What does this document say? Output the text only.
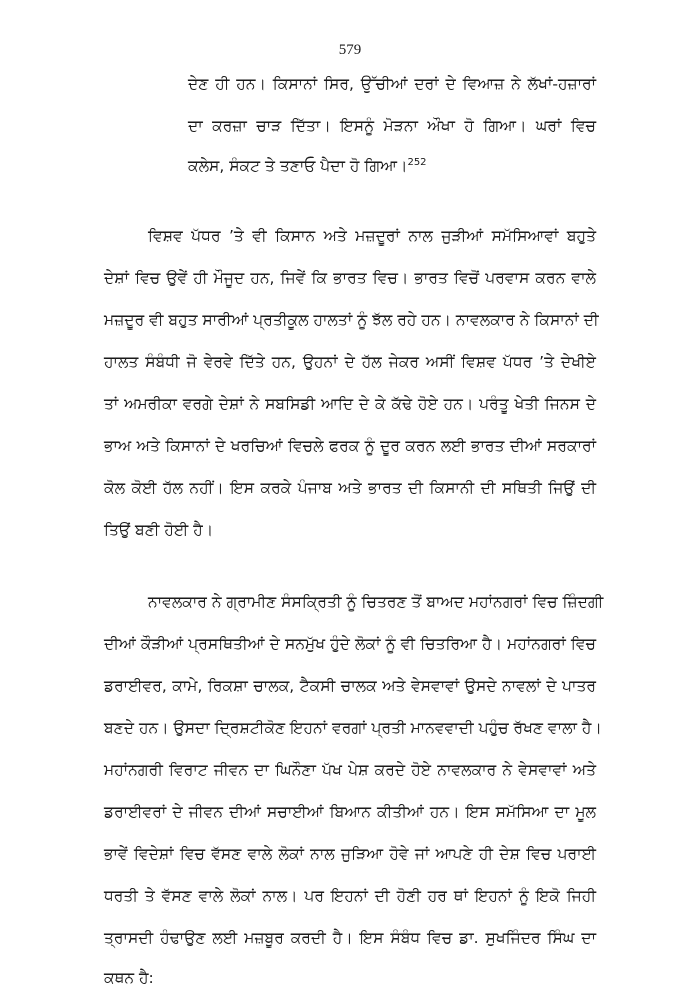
579
ਦੇਣ ਹੀ ਹਨ। ਕਿਸਾਨਾਂ ਸਿਰ, ਉੱਚੀਆਂ ਦਰਾਂ ਦੇ ਵਿਆਜ਼ ਨੇ ਲੱਖਾਂ-ਹਜ਼ਾਰਾਂ
ਦਾ ਕਰਜ਼ਾ ਚਾੜ ਦਿੱਤਾ। ਇਸਨੂੰ ਮੋੜਨਾ ਔਖਾ ਹੋ ਗਿਆ। ਘਰਾਂ ਵਿਚ
ਕਲੇਸ, ਸੰਕਟ ਤੇ ਤਣਾਓ ਪੈਦਾ ਹੋ ਗਿਆ।$^{252}$
ਵਿਸ਼ਵ ਪੱਧਰ ’ਤੇ ਵੀ ਕਿਸਾਨ ਅਤੇ ਮਜ਼ਦੂਰਾਂ ਨਾਲ ਜੁੜੀਆਂ ਸਮੱਸਿਆਵਾਂ ਬਹੁਤੇ
ਦੇਸ਼ਾਂ ਵਿਚ ਉਵੇਂ ਹੀ ਮੌਜੂਦ ਹਨ, ਜਿਵੇਂ ਕਿ ਭਾਰਤ ਵਿਚ। ਭਾਰਤ ਵਿਚੋਂ ਪਰਵਾਸ ਕਰਨ ਵਾਲੇ
ਮਜ਼ਦੂਰ ਵੀ ਬਹੁਤ ਸਾਰੀਆਂ ਪ੍ਰਤੀਕੂਲ ਹਾਲਤਾਂ ਨੂੰ ਝੱਲ ਰਹੇ ਹਨ। ਨਾਵਲਕਾਰ ਨੇ ਕਿਸਾਨਾਂ ਦੀ
ਹਾਲਤ ਸੰਬੰਧੀ ਜੋ ਵੇਰਵੇ ਦਿੱਤੇ ਹਨ, ਉਹਨਾਂ ਦੇ ਹੱਲ ਜੇਕਰ ਅਸੀਂ ਵਿਸ਼ਵ ਪੱਧਰ ’ਤੇ ਦੇਖੀਏ
ਤਾਂ ਅਮਰੀਕਾ ਵਰਗੇ ਦੇਸ਼ਾਂ ਨੇ ਸਬਸਿਡੀ ਆਦਿ ਦੇ ਕੇ ਕੱਢੇ ਹੋਏ ਹਨ। ਪਰੰਤੂ ਖੇਤੀ ਜਿਨਸ ਦੇ
ਭਾਅ ਅਤੇ ਕਿਸਾਨਾਂ ਦੇ ਖਰਚਿਆਂ ਵਿਚਲੇ ਫਰਕ ਨੂੰ ਦੂਰ ਕਰਨ ਲਈ ਭਾਰਤ ਦੀਆਂ ਸਰਕਾਰਾਂ
ਕੋਲ ਕੋਈ ਹੱਲ ਨਹੀਂ। ਇਸ ਕਰਕੇ ਪੰਜਾਬ ਅਤੇ ਭਾਰਤ ਦੀ ਕਿਸਾਨੀ ਦੀ ਸਥਿਤੀ ਜਿਉਂ ਦੀ
ਤਿਉਂ ਬਣੀ ਹੋਈ ਹੈ।
ਨਾਵਲਕਾਰ ਨੇ ਗ੍ਰਾਮੀਣ ਸੰਸਕ੍ਰਿਤੀ ਨੂੰ ਚਿਤਰਣ ਤੋਂ ਬਾਅਦ ਮਹਾਂਨਗਰਾਂ ਵਿਚ ਜ਼ਿੰਦਗੀ
ਦੀਆਂ ਕੌੜੀਆਂ ਪ੍ਰਸਥਿਤੀਆਂ ਦੇ ਸਨਮੁੱਖ ਹੁੰਦੇ ਲੋਕਾਂ ਨੂੰ ਵੀ ਚਿਤਰਿਆ ਹੈ। ਮਹਾਂਨਗਰਾਂ ਵਿਚ
ਡਰਾਈਵਰ, ਕਾਮੇ, ਰਿਕਸ਼ਾ ਚਾਲਕ, ਟੈਕਸੀ ਚਾਲਕ ਅਤੇ ਵੇਸਵਾਵਾਂ ਉਸਦੇ ਨਾਵਲਾਂ ਦੇ ਪਾਤਰ
ਬਣਦੇ ਹਨ। ਉਸਦਾ ਦ੍ਰਿਸ਼ਟੀਕੋਣ ਇਹਨਾਂ ਵਰਗਾਂ ਪ੍ਰਤੀ ਮਾਨਵਵਾਦੀ ਪਹੁੰਚ ਰੱਖਣ ਵਾਲਾ ਹੈ।
ਮਹਾਂਨਗਰੀ ਵਿਰਾਟ ਜੀਵਨ ਦਾ ਘਿਨੌਣਾ ਪੱਖ ਪੇਸ਼ ਕਰਦੇ ਹੋਏ ਨਾਵਲਕਾਰ ਨੇ ਵੇਸਵਾਵਾਂ ਅਤੇ
ਡਰਾਈਵਰਾਂ ਦੇ ਜੀਵਨ ਦੀਆਂ ਸਚਾਈਆਂ ਬਿਆਨ ਕੀਤੀਆਂ ਹਨ। ਇਸ ਸਮੱਸਿਆ ਦਾ ਮੂਲ
ਭਾਵੇਂ ਵਿਦੇਸ਼ਾਂ ਵਿਚ ਵੱਸਣ ਵਾਲੇ ਲੋਕਾਂ ਨਾਲ ਜੁੜਿਆ ਹੋਵੇ ਜਾਂ ਆਪਣੇ ਹੀ ਦੇਸ਼ ਵਿਚ ਪਰਾਈ
ਧਰਤੀ ਤੇ ਵੱਸਣ ਵਾਲੇ ਲੋਕਾਂ ਨਾਲ। ਪਰ ਇਹਨਾਂ ਦੀ ਹੋਣੀ ਹਰ ਥਾਂ ਇਹਨਾਂ ਨੂੰ ਇਕੋ ਜਿਹੀ
ਤ੍ਰਾਸਦੀ ਹੰਢਾਉਣ ਲਈ ਮਜ਼ਬੂਰ ਕਰਦੀ ਹੈ। ਇਸ ਸੰਬੰਧ ਵਿਚ ਡਾ. ਸੁਖਜਿੰਦਰ ਸਿੰਘ ਦਾ
ਕਥਨ ਹੈ:
